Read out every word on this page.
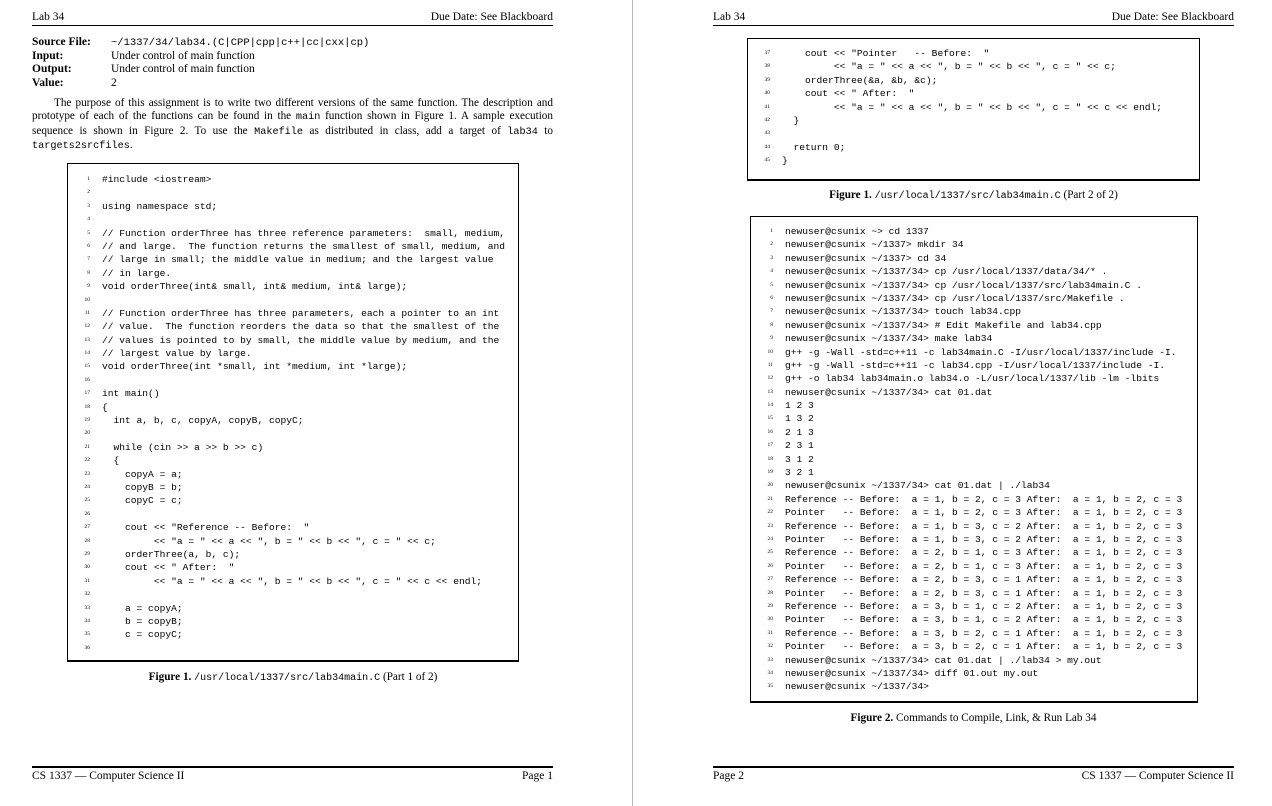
Lab 34	Due Date: See Blackboard
Source File: ~/1337/34/lab34.(C|CPP|cpp|c++|cc|cxx|cp)
Input:	Under control of main function
Output:	Under control of main function
Value:	2

The purpose of this assignment is to write two different versions of the same function. The description and prototype of each of the functions can be found in the main function shown in Figure 1. A sample execution sequence is shown in Figure 2. To use the Makefile as distributed in class, add a target of lab34 to targets2srcfiles.

1 #include <iostream>
2
3 using namespace std;
4
5 // Function orderThree has three reference parameters:  small, medium,
6 // and large.  The function returns the smallest of small, medium, and
7 // large in small; the middle value in medium; and the largest value
8 // in large.
9 void orderThree(int& small, int& medium, int& large);
10
11 // Function orderThree has three parameters, each a pointer to an int
12 // value.  The function reorders the data so that the smallest of the
13 // values is pointed to by small, the middle value by medium, and the
14 // largest value by large.
15 void orderThree(int *small, int *medium, int *large);
16
17 int main()
18 {
19 int a, b, c, copyA, copyB, copyC;
20
21 while (cin >> a >> b >> c)
22 {
23 copyA = a;
24 copyB = b;
25 copyC = c;
26
27 cout << "Reference -- Before:  "
28 << "a = " << a << ", b = " << b << ", c = " << c;
29 orderThree(a, b, c);
30 cout << " After:  "
31 << "a = " << a << ", b = " << b << ", c = " << c << endl;
32
33 a = copyA;
34 b = copyB;
35 c = copyC;
36
Figure 1. /usr/local/1337/src/lab34main.C (Part 1 of 2)
CS 1337 — Computer Science II	Page 1
Lab 34	Due Date: See Blackboard
37 cout << "Pointer   -- Before:  "
38 << "a = " << a << ", b = " << b << ", c = " << c;
39 orderThree(&a, &b, &c);
40 cout << " After:  "
41 << "a = " << a << ", b = " << b << ", c = " << c << endl;
42 }
43
44 return 0;
45 }
Figure 1. /usr/local/1337/src/lab34main.C (Part 2 of 2)
1 newuser@csunix ~> cd 1337
2 newuser@csunix ~/1337> mkdir 34
3 newuser@csunix ~/1337> cd 34
4 newuser@csunix ~/1337/34> cp /usr/local/1337/data/34/* .
5 newuser@csunix ~/1337/34> cp /usr/local/1337/src/lab34main.C .
6 newuser@csunix ~/1337/34> cp /usr/local/1337/src/Makefile .
7 newuser@csunix ~/1337/34> touch lab34.cpp
8 newuser@csunix ~/1337/34> # Edit Makefile and lab34.cpp
9 newuser@csunix ~/1337/34> make lab34
10 g++ -g -Wall -std=c++11 -c lab34main.C -I/usr/local/1337/include -I.
11 g++ -g -Wall -std=c++11 -c lab34.cpp -I/usr/local/1337/include -I.
12 g++ -o lab34 lab34main.o lab34.o -L/usr/local/1337/lib -lm -lbits
13 newuser@csunix ~/1337/34> cat 01.dat
14 1 2 3
15 1 3 2
16 2 1 3
17 2 3 1
18 3 1 2
19 3 2 1
20 newuser@csunix ~/1337/34> cat 01.dat | ./lab34
21 Reference -- Before:  a = 1, b = 2, c = 3 After:  a = 1, b = 2, c = 3
22 Pointer   -- Before:  a = 1, b = 2, c = 3 After:  a = 1, b = 2, c = 3
23 Reference -- Before:  a = 1, b = 3, c = 2 After:  a = 1, b = 2, c = 3
24 Pointer   -- Before:  a = 1, b = 3, c = 2 After:  a = 1, b = 2, c = 3
25 Reference -- Before:  a = 2, b = 1, c = 3 After:  a = 1, b = 2, c = 3
26 Pointer   -- Before:  a = 2, b = 1, c = 3 After:  a = 1, b = 2, c = 3
27 Reference -- Before:  a = 2, b = 3, c = 1 After:  a = 1, b = 2, c = 3
28 Pointer   -- Before:  a = 2, b = 3, c = 1 After:  a = 1, b = 2, c = 3
29 Reference -- Before:  a = 3, b = 1, c = 2 After:  a = 1, b = 2, c = 3
30 Pointer   -- Before:  a = 3, b = 1, c = 2 After:  a = 1, b = 2, c = 3
31 Reference -- Before:  a = 3, b = 2, c = 1 After:  a = 1, b = 2, c = 3
32 Pointer   -- Before:  a = 3, b = 2, c = 1 After:  a = 1, b = 2, c = 3
33 newuser@csunix ~/1337/34> cat 01.dat | ./lab34 > my.out
34 newuser@csunix ~/1337/34> diff 01.out my.out
35 newuser@csunix ~/1337/34>
Figure 2. Commands to Compile, Link, & Run Lab 34
Page 2	CS 1337 — Computer Science II
